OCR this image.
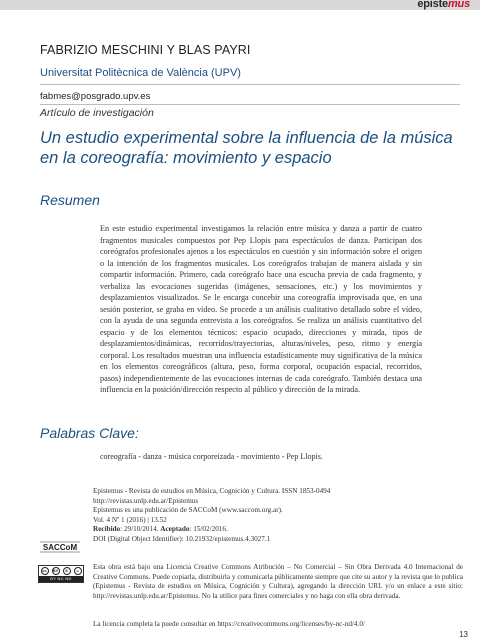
epistemus
FABRIZIO MESCHINI Y BLAS PAYRI
Universitat Politècnica de València (UPV)
fabmes@posgrado.upv.es
Artículo de investigación
Un estudio experimental sobre la influencia de la música en la coreografía: movimiento y espacio
Resumen
En este estudio experimental investigamos la relación entre música y danza a partir de cuatro fragmentos musicales compuestos por Pep Llopis para espectáculos de danza. Participan dos coreógrafos profesionales ajenos a los espectáculos en cuestión y sin información sobre el origen o la intención de los fragmentos musicales. Los coreógrafos trabajan de manera aislada y sin compartir información. Primero, cada coreógrafo hace una escucha previa de cada fragmento, y verbaliza las evocaciones sugeridas (imágenes, sensaciones, etc.) y los movimientos y desplazamientos visualizados. Se le encarga concebir una coreografía improvisada que, en una sesión posterior, se graba en vídeo. Se procede a un análisis cualitativo detallado sobre el vídeo, con la ayuda de una segunda entrevista a los coreógrafos. Se realiza un análisis cuantitativo del espacio y de los elementos técnicos: espacio ocupado, direcciones y mirada, tipos de desplazamientos/dinámicas, recorridos/trayectorias, alturas/niveles, peso, ritmo y energía corporal. Los resultados muestran una influencia estadísticamente muy significativa de la música en los elementos coreográficos (altura, peso, forma corporal, ocupación espacial, recorridos, pasos) independientemente de las evocaciones internas de cada coreógrafo. También destaca una influencia en la posición/dirección respecto al público y dirección de la mirada.
Palabras Clave:
coreografía - danza - música corporeizada - movimiento - Pep Llopis.
Epistemus - Revista de estudios en Música, Cognición y Cultura. ISSN 1853-0494
http://revistas.unlp.edu.ar/Epistemus
Epistemus es una publicación de SACCoM (www.saccom.org.ar).
Vol. 4 Nº 1 (2016) | 13.52
Recibido: 29/10/2014. Aceptado: 15/02/2016.
DOI (Digital Object Identifier): 10.21932/epistemus.4.3027.1
SACCoM
cc	BY	$	=
BY NC ND
Esta obra está bajo una Licencia Creative Commons Atribución – No Comercial – Sin Obra Derivada 4.0 Internacional de Creative Commons. Puede copiarla, distribuirla y comunicarla públicamente siempre que cite su autor y la revista que lo publica (Epistemus - Revista de estudios en Música, Cognición y Cultura), agregando la dirección URL y/o un enlace a este sitio: http://revistas.unlp.edu.ar/Epistemus. No la utilice para fines comerciales y no haga con ella obra derivada.
La licencia completa la puede consultar en https://creativecommons.org/licenses/by-nc-nd/4.0/
13
